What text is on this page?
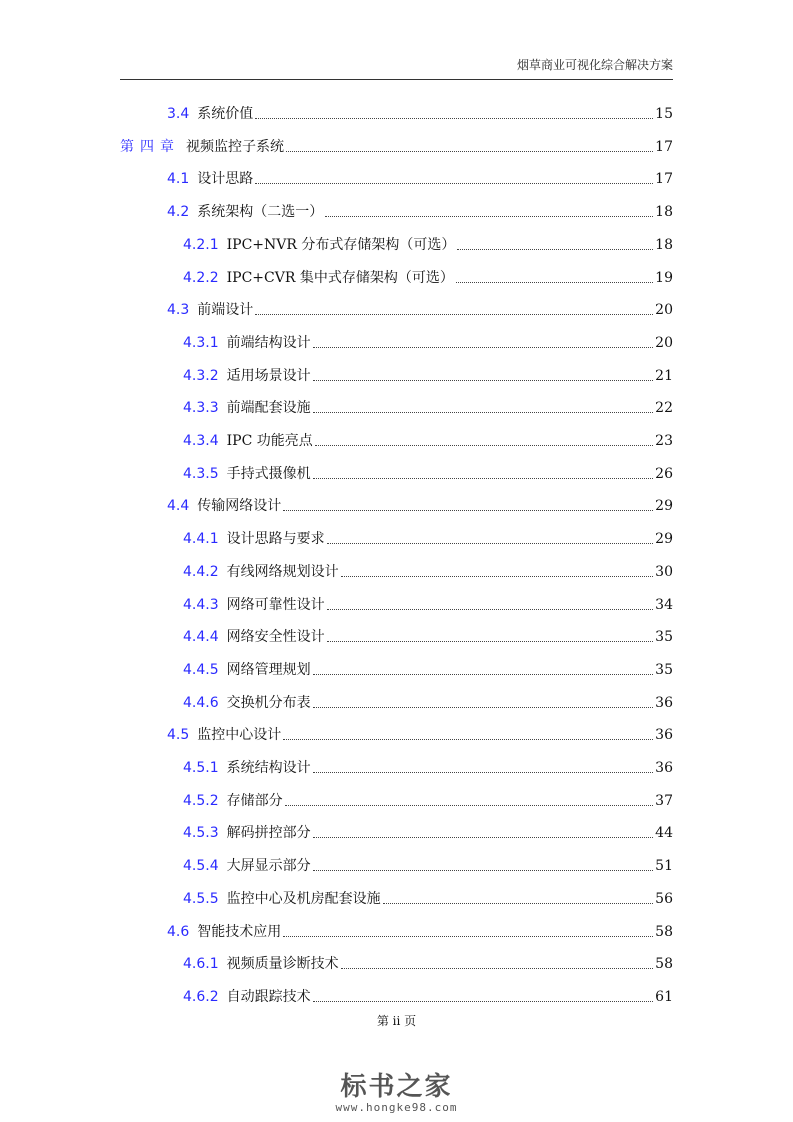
烟草商业可视化综合解决方案
3.4 系统价值	15
第四章 视频监控子系统	17
4.1 设计思路	17
4.2 系统架构（二选一）	18
4.2.1 IPC+NVR 分布式存储架构（可选）	18
4.2.2 IPC+CVR 集中式存储架构（可选）	19
4.3 前端设计	20
4.3.1 前端结构设计	20
4.3.2 适用场景设计	21
4.3.3 前端配套设施	22
4.3.4 IPC 功能亮点	23
4.3.5 手持式摄像机	26
4.4 传输网络设计	29
4.4.1 设计思路与要求	29
4.4.2 有线网络规划设计	30
4.4.3 网络可靠性设计	34
4.4.4 网络安全性设计	35
4.4.5 网络管理规划	35
4.4.6 交换机分布表	36
4.5 监控中心设计	36
4.5.1 系统结构设计	36
4.5.2 存储部分	37
4.5.3 解码拼控部分	44
4.5.4 大屏显示部分	51
4.5.5 监控中心及机房配套设施	56
4.6 智能技术应用	58
4.6.1 视频质量诊断技术	58
4.6.2 自动跟踪技术	61
第 ii 页
标书之家
www.hongke98.com
